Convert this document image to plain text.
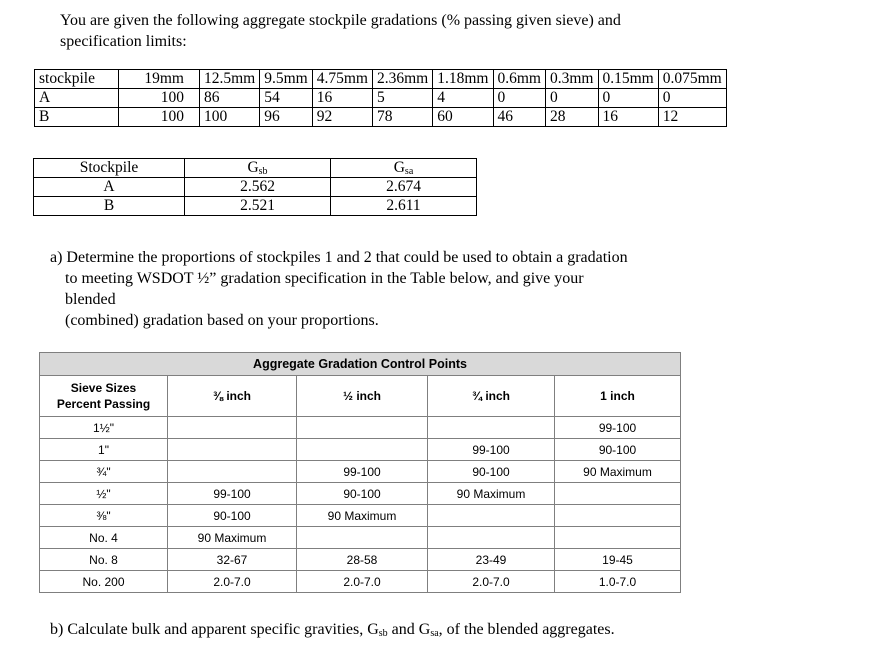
You are given the following aggregate stockpile gradations (% passing given sieve) and
specification limits:
stockpile	19mm	12.5mm	9.5mm	4.75mm	2.36mm	1.18mm	0.6mm	0.3mm	0.15mm	0.075mm
A	100	86	54	16	5	4	0	0	0	0
B	100	100	96	92	78	60	46	28	16	12
Stockpile	$G_{sb}$	$G_{sa}$
A	2.562	2.674
B	2.521	2.611
a) Determine the proportions of stockpiles 1 and 2 that could be used to obtain a gradation
to meeting WSDOT ½” gradation specification in the Table below, and give your
blended
(combined) gradation based on your proportions.
Aggregate Gradation Control Points				

Sieve Sizes
Percent Passing	⅜ inch	½ inch	¾ inch	1 inch
1½"				99-100
1"			99-100	90-100
¾"		99-100	90-100	90 Maximum
½"	99-100	90-100	90 Maximum	
⅜"	90-100	90 Maximum		
No. 4	90 Maximum			
No. 8	32-67	28-58	23-49	19-45
No. 200	2.0-7.0	2.0-7.0	2.0-7.0	1.0-7.0
b) Calculate bulk and apparent specific gravities, $G_{sb}$ and $G_{sa}$, of the blended aggregates.
